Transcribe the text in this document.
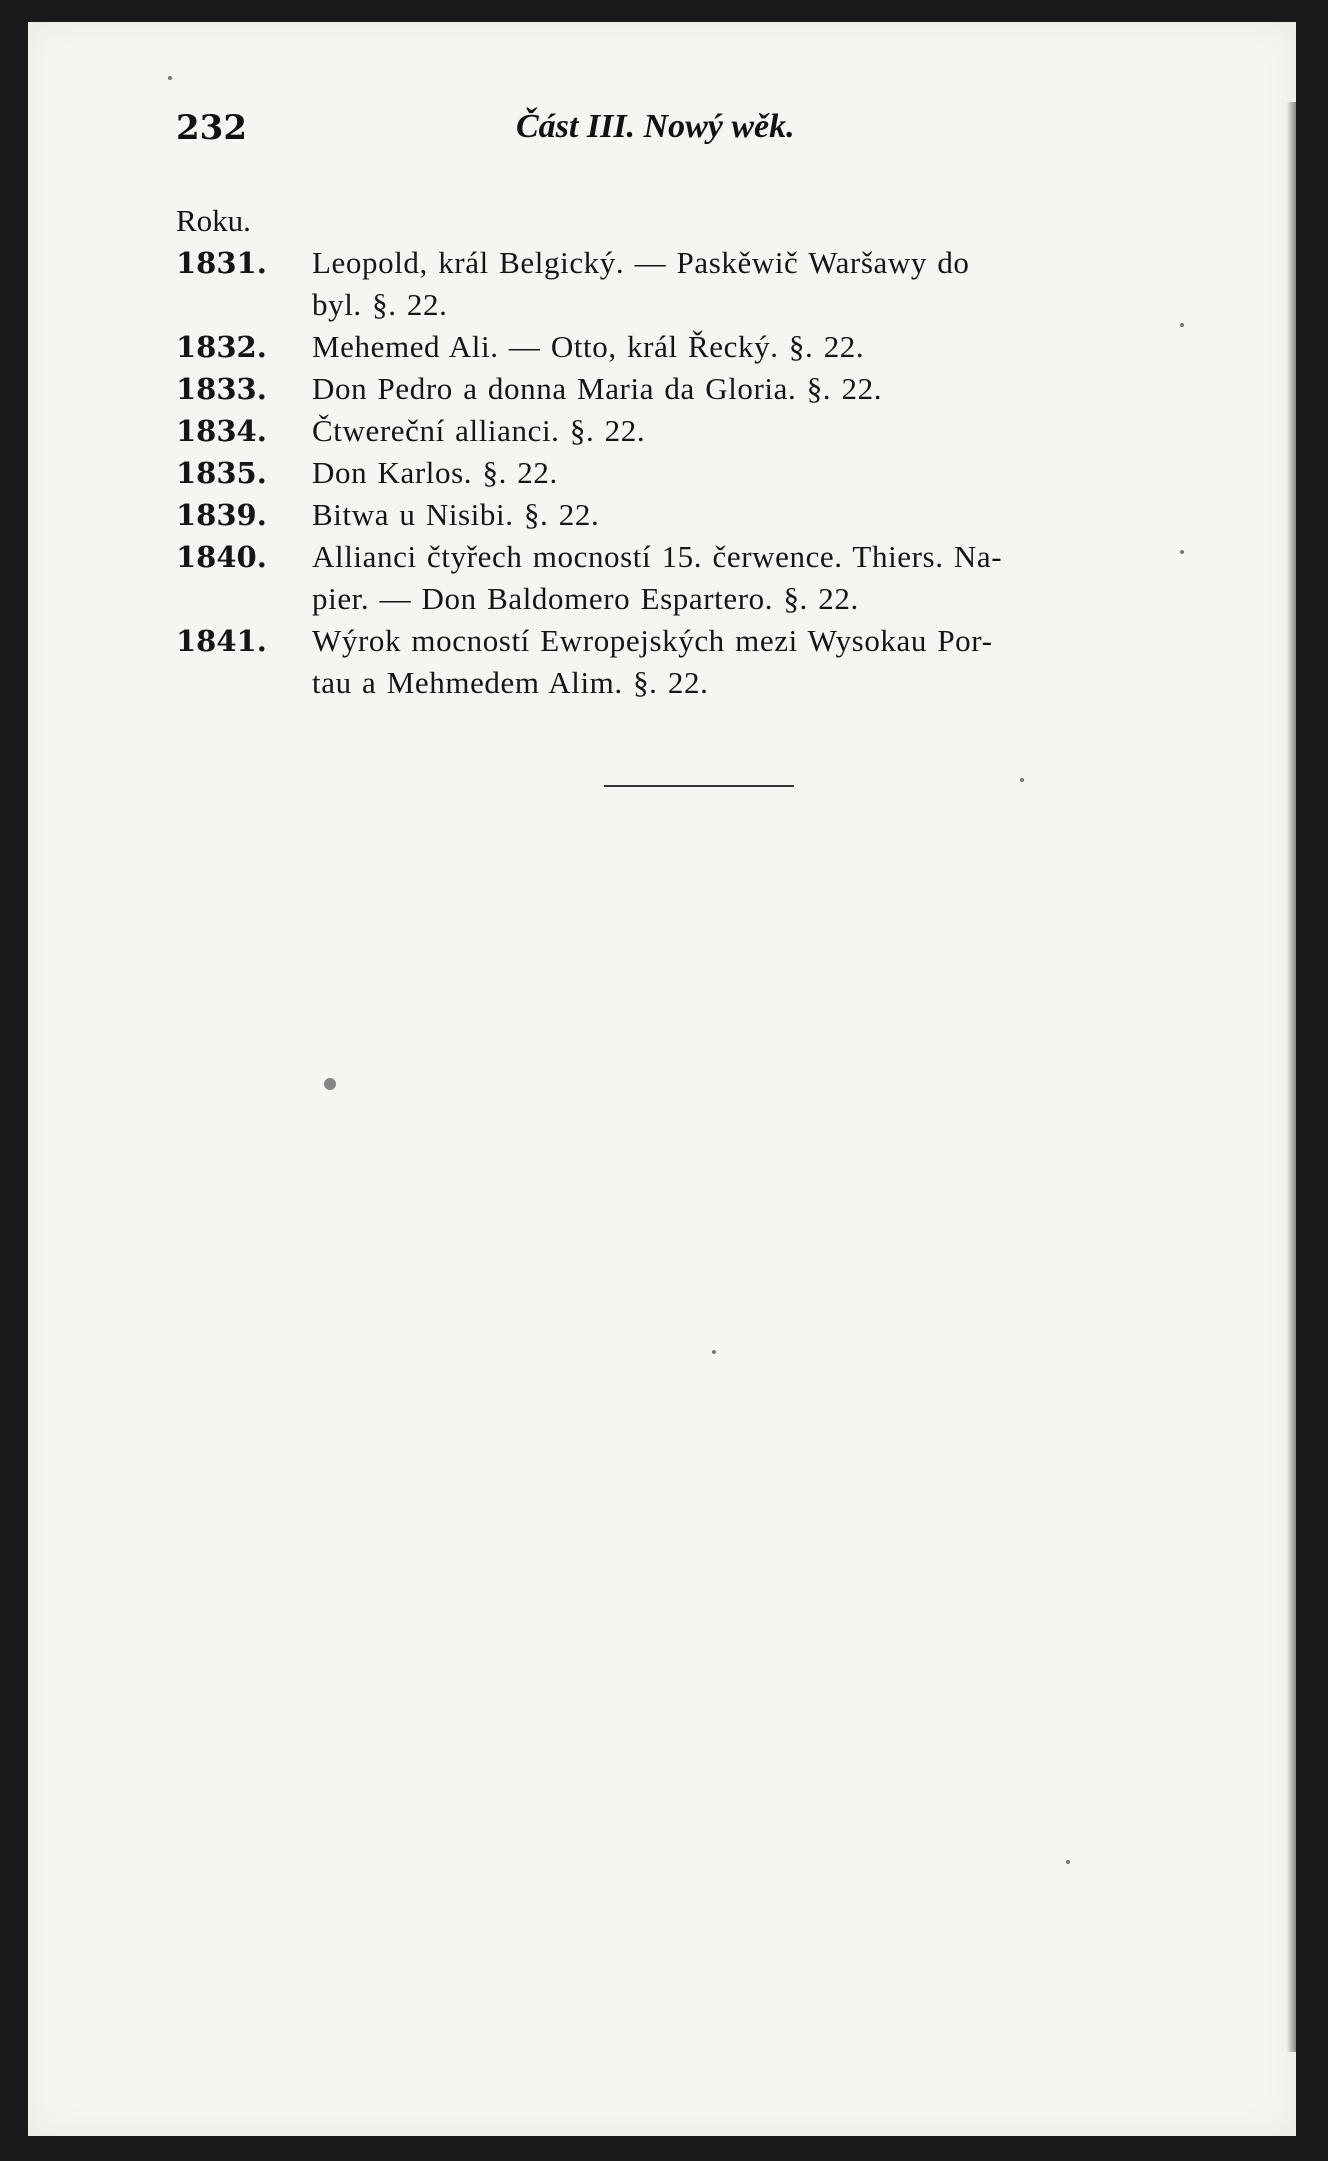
232	Část III. Nowý wěk.
Roku.
1831.	Leopold, král Belgický. — Paskěwič Waršawy do
byl. §. 22.
1832.	Mehemed Ali. — Otto, král Řecký. §. 22.
1833.	Don Pedro a donna Maria da Gloria. §. 22.
1834.	Čtwereční allianci. §. 22.
1835.	Don Karlos. §. 22.
1839.	Bitwa u Nisibi. §. 22.
1840.	Allianci čtyřech mocností 15. čerwence. Thiers. Na-
pier. — Don Baldomero Espartero. §. 22.
1841.	Wýrok mocností Ewropejských mezi Wysokau Por-
tau a Mehmedem Alim. §. 22.
